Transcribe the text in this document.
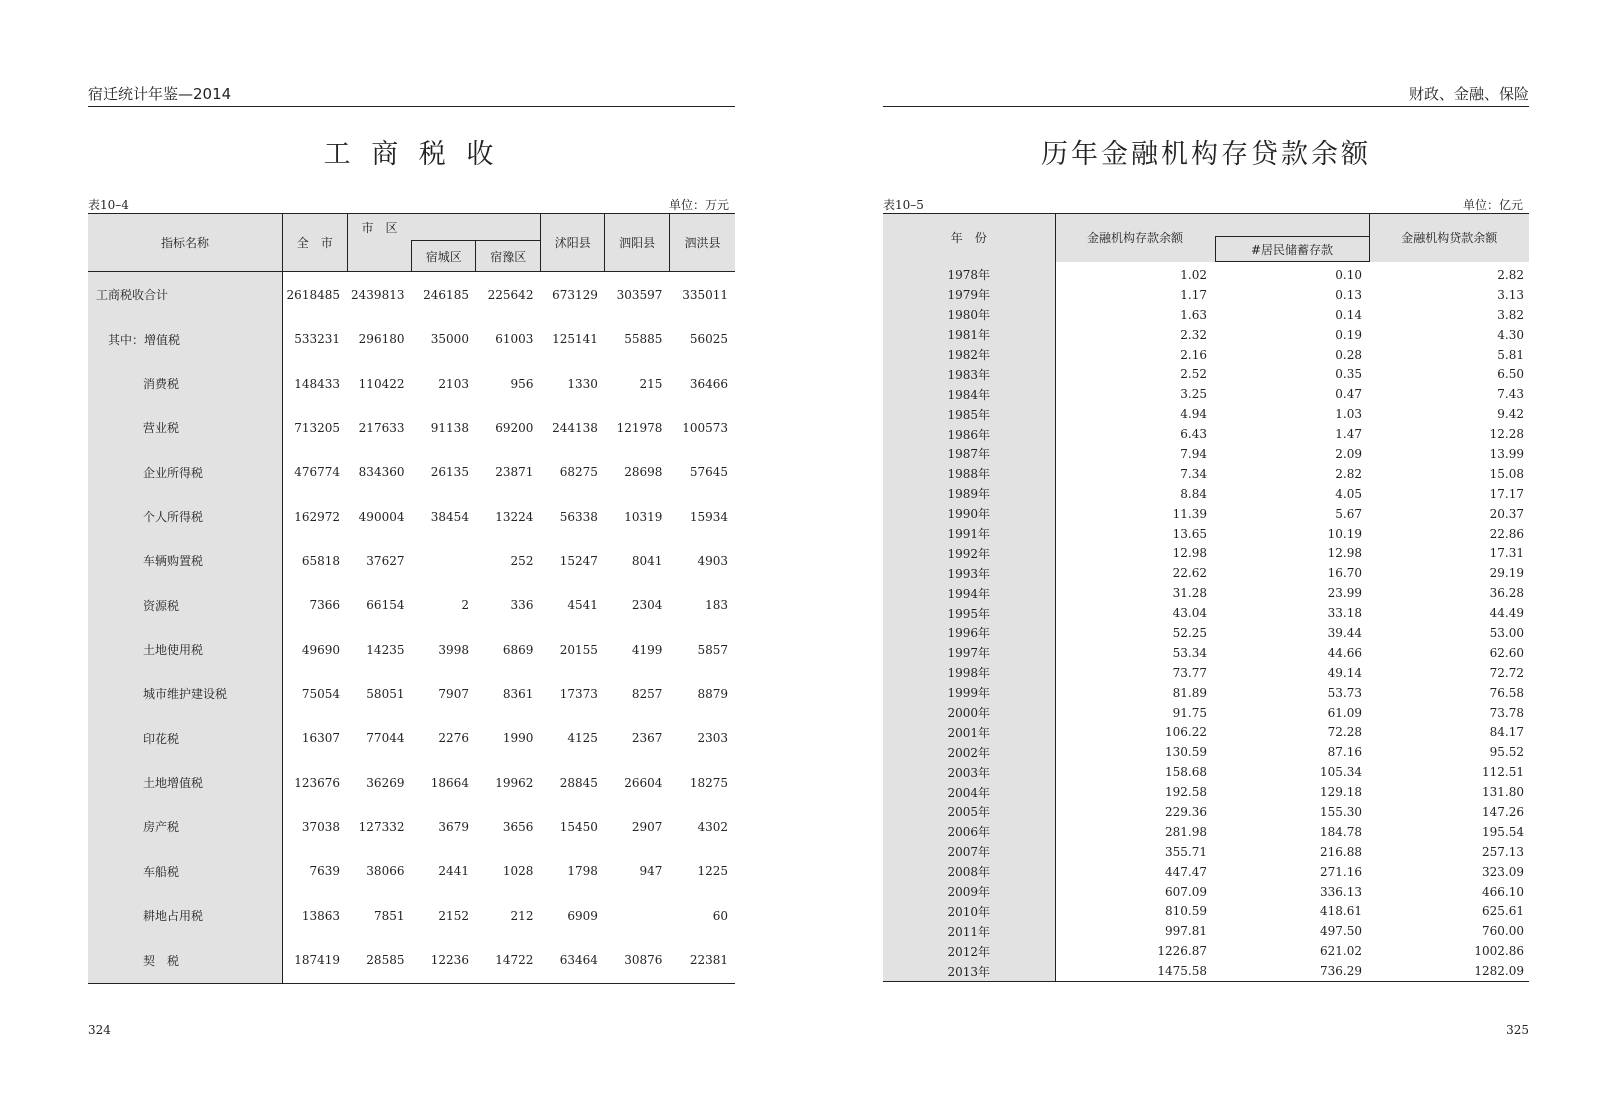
宿迁统计年鉴—2014
工 商 税 收
表10–4	单位：万元
指标名称	全　市	市　区			沭阳县	泗阳县	泗洪县
			宿城区	宿豫区			
工商税收合计	2618485	2439813	246185	225642	673129	303597	335011
其中：增值税	533231	296180	35000	61003	125141	55885	56025
消费税	148433	110422	2103	956	1330	215	36466
营业税	713205	217633	91138	69200	244138	121978	100573
企业所得税	476774	834360	26135	23871	68275	28698	57645
个人所得税	162972	490004	38454	13224	56338	10319	15934
车辆购置税	65818	37627		252	15247	8041	4903
资源税	7366	66154	2	336	4541	2304	183
土地使用税	49690	14235	3998	6869	20155	4199	5857
城市维护建设税	75054	58051	7907	8361	17373	8257	8879
印花税	16307	77044	2276	1990	4125	2367	2303
土地增值税	123676	36269	18664	19962	28845	26604	18275
房产税	37038	127332	3679	3656	15450	2907	4302
车船税	7639	38066	2441	1028	1798	947	1225
耕地占用税	13863	7851	2152	212	6909		60
契　税	187419	28585	12236	14722	63464	30876	22381
324
财政、金融、保险
历年金融机构存贷款余额
表10–5	单位：亿元
年　份	金融机构存款余额		金融机构贷款余额
		#居民储蓄存款	
1978年	1.02	0.10	2.82
1979年	1.17	0.13	3.13
1980年	1.63	0.14	3.82
1981年	2.32	0.19	4.30
1982年	2.16	0.28	5.81
1983年	2.52	0.35	6.50
1984年	3.25	0.47	7.43
1985年	4.94	1.03	9.42
1986年	6.43	1.47	12.28
1987年	7.94	2.09	13.99
1988年	7.34	2.82	15.08
1989年	8.84	4.05	17.17
1990年	11.39	5.67	20.37
1991年	13.65	10.19	22.86
1992年	12.98	12.98	17.31
1993年	22.62	16.70	29.19
1994年	31.28	23.99	36.28
1995年	43.04	33.18	44.49
1996年	52.25	39.44	53.00
1997年	53.34	44.66	62.60
1998年	73.77	49.14	72.72
1999年	81.89	53.73	76.58
2000年	91.75	61.09	73.78
2001年	106.22	72.28	84.17
2002年	130.59	87.16	95.52
2003年	158.68	105.34	112.51
2004年	192.58	129.18	131.80
2005年	229.36	155.30	147.26
2006年	281.98	184.78	195.54
2007年	355.71	216.88	257.13
2008年	447.47	271.16	323.09
2009年	607.09	336.13	466.10
2010年	810.59	418.61	625.61
2011年	997.81	497.50	760.00
2012年	1226.87	621.02	1002.86
2013年	1475.58	736.29	1282.09
325
